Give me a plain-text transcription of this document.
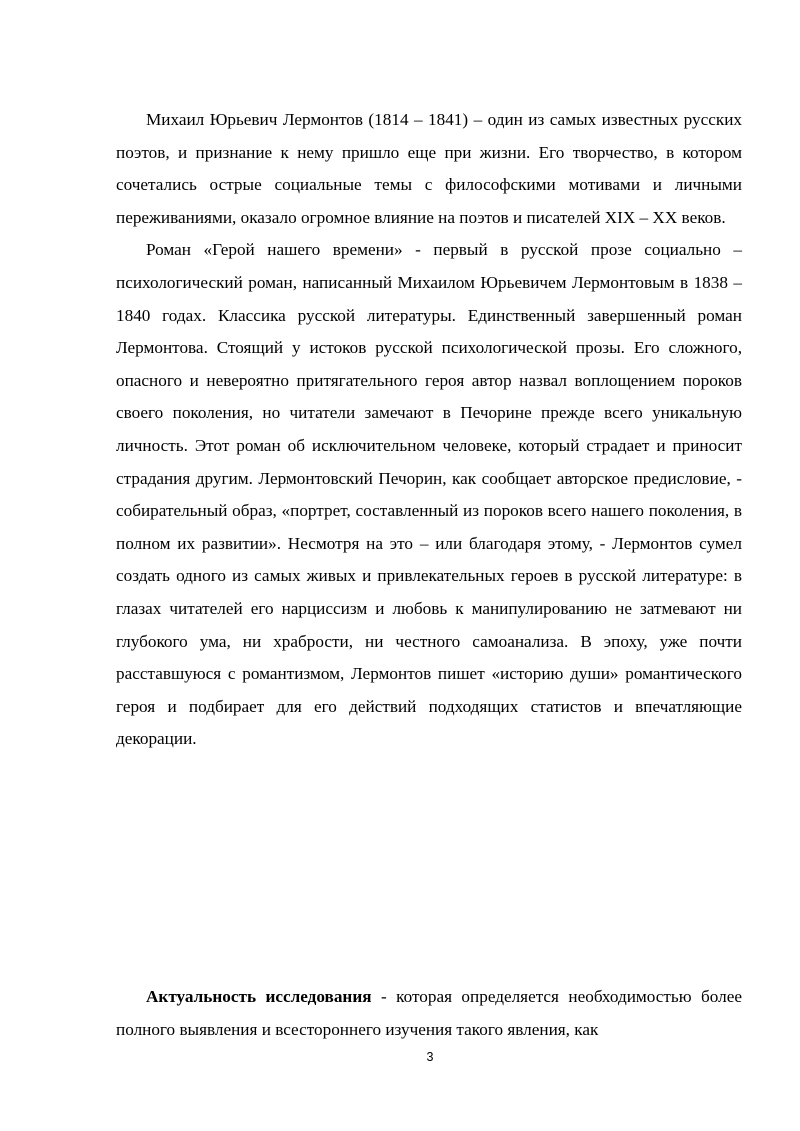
Михаил Юрьевич Лермонтов (1814 – 1841) – один из самых известных русских поэтов, и признание к нему пришло еще при жизни. Его творчество, в котором сочетались острые социальные темы с философскими мотивами и личными переживаниями, оказало огромное влияние на поэтов и писателей XIX – XX веков.

Роман «Герой нашего времени» - первый в русской прозе социально – психологический роман, написанный Михаилом Юрьевичем Лермонтовым в 1838 – 1840 годах. Классика русской литературы. Единственный завершенный роман Лермонтова. Стоящий у истоков русской психологической прозы. Его сложного, опасного и невероятно притягательного героя автор назвал воплощением пороков своего поколения, но читатели замечают в Печорине прежде всего уникальную личность. Этот роман об исключительном человеке, который страдает и приносит страдания другим. Лермонтовский Печорин, как сообщает авторское предисловие, - собирательный образ, «портрет, составленный из пороков всего нашего поколения, в полном их развитии». Несмотря на это – или благодаря этому, - Лермонтов сумел создать одного из самых живых и привлекательных героев в русской литературе: в глазах читателей его нарциссизм и любовь к манипулированию не затмевают ни глубокого ума, ни храбрости, ни честного самоанализа. В эпоху, уже почти расставшуюся с романтизмом, Лермонтов пишет «историю души» романтического героя и подбирает для его действий подходящих статистов и впечатляющие декорации.

Актуальность исследования - которая определяется необходимостью более полного выявления и всестороннего изучения такого явления, как

3
